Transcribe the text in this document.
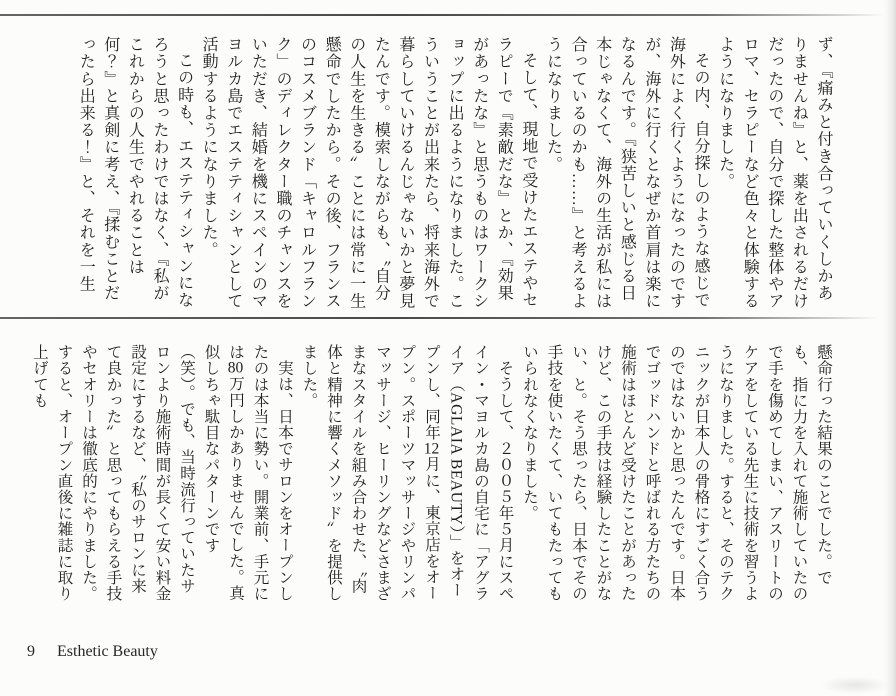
ず、『痛みと付き合っていくしかありませんね』と、薬を出されるだけだったので、自分で探した整体やアロマ、セラピーなど色々と体験するようになりました。

その内、自分探しのような感じで海外によく行くようになったのですが、海外に行くとなぜか首肩は楽になるんです。『狭苦しいと感じる日本じゃなくて、海外の生活が私には合っているのかも……』と考えるようになりました。

そして、現地で受けたエステやセラピーで『素敵だな』とか、『効果があったな』と思うものはワークショップに出るようになりました。こういうことが出来たら、将来海外で暮らしていけるんじゃないかと夢見たんです。模索しながらも、〝自分の人生を生きる〟ことには常に一生懸命でしたから。その後、フランスのコスメブランド「キャロルフランク」のディレクター職のチャンスをいただき、結婚を機にスペインのマヨルカ島でエステティシャンとして活動するようになりました。

この時も、エステティシャンになろうと思ったわけではなく、『私がこれからの人生でやれることは何？』と真剣に考え、『揉むことだったら出来る！』と、それを一生

懸命行った結果のことでした。でも、指に力を入れて施術していたので手を傷めてしまい、アスリートのケアをしている先生に技術を習うようになりました。すると、そのテクニックが日本人の骨格にすごく合うのではないかと思ったんです。日本でゴッドハンドと呼ばれる方たちの施術はほとんど受けたことがあったけど、この手技は経験したことがない、と。そう思ったら、日本でその手技を使いたくて、いてもたってもいられなくなりました。

そうして、２００５年５月にスペイン・マヨルカ島の自宅に「アグライア（AGLAIA BEAUTY）」をオープンし、同年12月に、東京店をオープン。スポーツマッサージやリンパマッサージ、ヒーリングなどさまざまなスタイルを組み合わせた、〝肉体と精神に響くメソッド〟を提供しました。

実は、日本でサロンをオープンしたのは本当に勢い。開業前、手元には80万円しかありませんでした。真似しちゃ駄目なパターンです（笑）。でも、当時流行っていたサロンより施術時間が長くて安い料金設定にするなど、〝私のサロンに来て良かった〟と思ってもらえる手技やセオリーは徹底的にやりました。すると、オープン直後に雑誌に取り上げても

9 Esthetic Beauty
